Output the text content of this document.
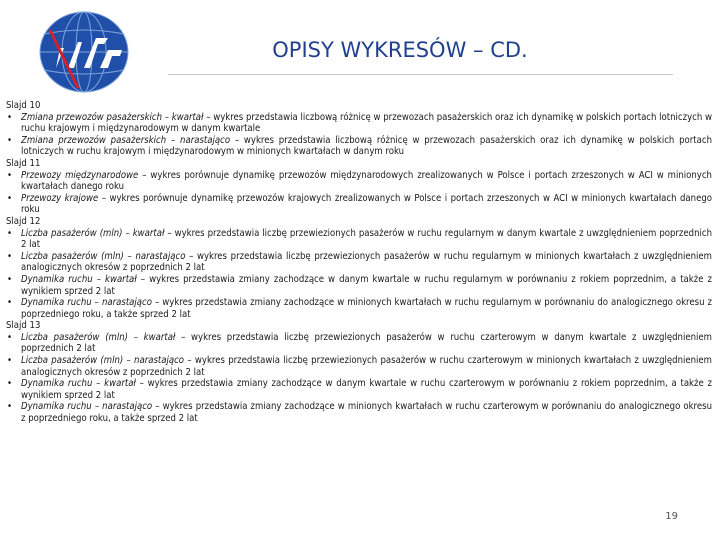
OPISY WYKRESÓW – CD.
Slajd 10
• Zmiana przewozów pasażerskich – kwartał – wykres przedstawia liczbową różnicę w przewozach pasażerskich oraz ich dynamikę w polskich portach lotniczych w ruchu krajowym i międzynarodowym w danym kwartale
• Zmiana przewozów pasażerskich – narastająco – wykres przedstawia liczbową różnicę w przewozach pasażerskich oraz ich dynamikę w polskich portach lotniczych w ruchu krajowym i międzynarodowym w minionych kwartałach w danym roku
Slajd 11
• Przewozy międzynarodowe – wykres porównuje dynamikę przewozów międzynarodowych zrealizowanych w Polsce i portach zrzeszonych w ACI w minionych kwartałach danego roku
• Przewozy krajowe – wykres porównuje dynamikę przewozów krajowych zrealizowanych w Polsce i portach zrzeszonych w ACI w minionych kwartałach danego roku
Slajd 12
• Liczba pasażerów (mln) – kwartał – wykres przedstawia liczbę przewiezionych pasażerów w ruchu regularnym w danym kwartale z uwzględnieniem poprzednich 2 lat
• Liczba pasażerów (mln) – narastająco – wykres przedstawia liczbę przewiezionych pasażerów w ruchu regularnym w minionych kwartałach z uwzględnieniem analogicznych okresów z poprzednich 2 lat
• Dynamika ruchu – kwartał – wykres przedstawia zmiany zachodzące w danym kwartale w ruchu regularnym w porównaniu z rokiem poprzednim, a także z wynikiem sprzed 2 lat
• Dynamika ruchu – narastająco – wykres przedstawia zmiany zachodzące w minionych kwartałach w ruchu regularnym w porównaniu do analogicznego okresu z poprzedniego roku, a także sprzed 2 lat
Slajd 13
• Liczba pasażerów (mln) – kwartał – wykres przedstawia liczbę przewiezionych pasażerów w ruchu czarterowym w danym kwartale z uwzględnieniem poprzednich 2 lat
• Liczba pasażerów (mln) – narastająco – wykres przedstawia liczbę przewiezionych pasażerów w ruchu czarterowym w minionych kwartałach z uwzględnieniem analogicznych okresów z poprzednich 2 lat
• Dynamika ruchu – kwartał – wykres przedstawia zmiany zachodzące w danym kwartale w ruchu czarterowym w porównaniu z rokiem poprzednim, a także z wynikiem sprzed 2 lat
• Dynamika ruchu – narastająco – wykres przedstawia zmiany zachodzące w minionych kwartałach w ruchu czarterowym w porównaniu do analogicznego okresu z poprzedniego roku, a także sprzed 2 lat
19
